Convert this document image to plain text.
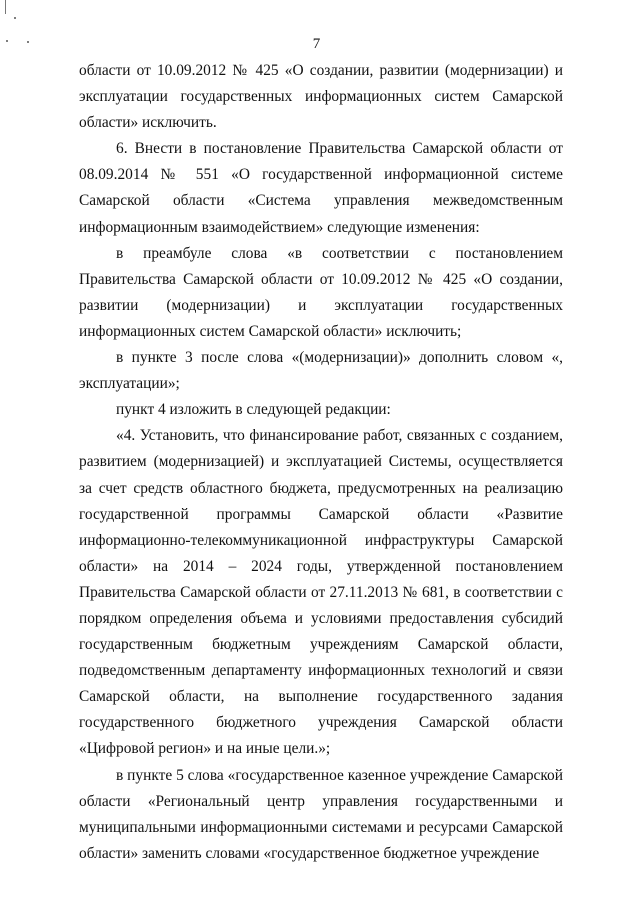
7

области от 10.09.2012 № 425 «О создании, развитии (модернизации) и эксплуатации государственных информационных систем Самарской области» исключить.

6. Внести в постановление Правительства Самарской области от 08.09.2014 № 551 «О государственной информационной системе Самарской области «Система управления межведомственным информационным взаимодействием» следующие изменения:

в преамбуле слова «в соответствии с постановлением Правительства Самарской области от 10.09.2012 № 425 «О создании, развитии (модернизации) и эксплуатации государственных информационных систем Самарской области» исключить;

в пункте 3 после слова «(модернизации)» дополнить словом «, эксплуатации»;

пункт 4 изложить в следующей редакции:

«4. Установить, что финансирование работ, связанных с созданием, развитием (модернизацией) и эксплуатацией Системы, осуществляется за счет средств областного бюджета, предусмотренных на реализацию государственной программы Самарской области «Развитие информационно-телекоммуникационной инфраструктуры Самарской области» на 2014 – 2024 годы, утвержденной постановлением Правительства Самарской области от 27.11.2013 № 681, в соответствии с порядком определения объема и условиями предоставления субсидий государственным бюджетным учреждениям Самарской области, подведомственным департаменту информационных технологий и связи Самарской области, на выполнение государственного задания государственного бюджетного учреждения Самарской области «Цифровой регион» и на иные цели.»;

в пункте 5 слова «государственное казенное учреждение Самарской области «Региональный центр управления государственными и муниципальными информационными системами и ресурсами Самарской области» заменить словами «государственное бюджетное учреждение
